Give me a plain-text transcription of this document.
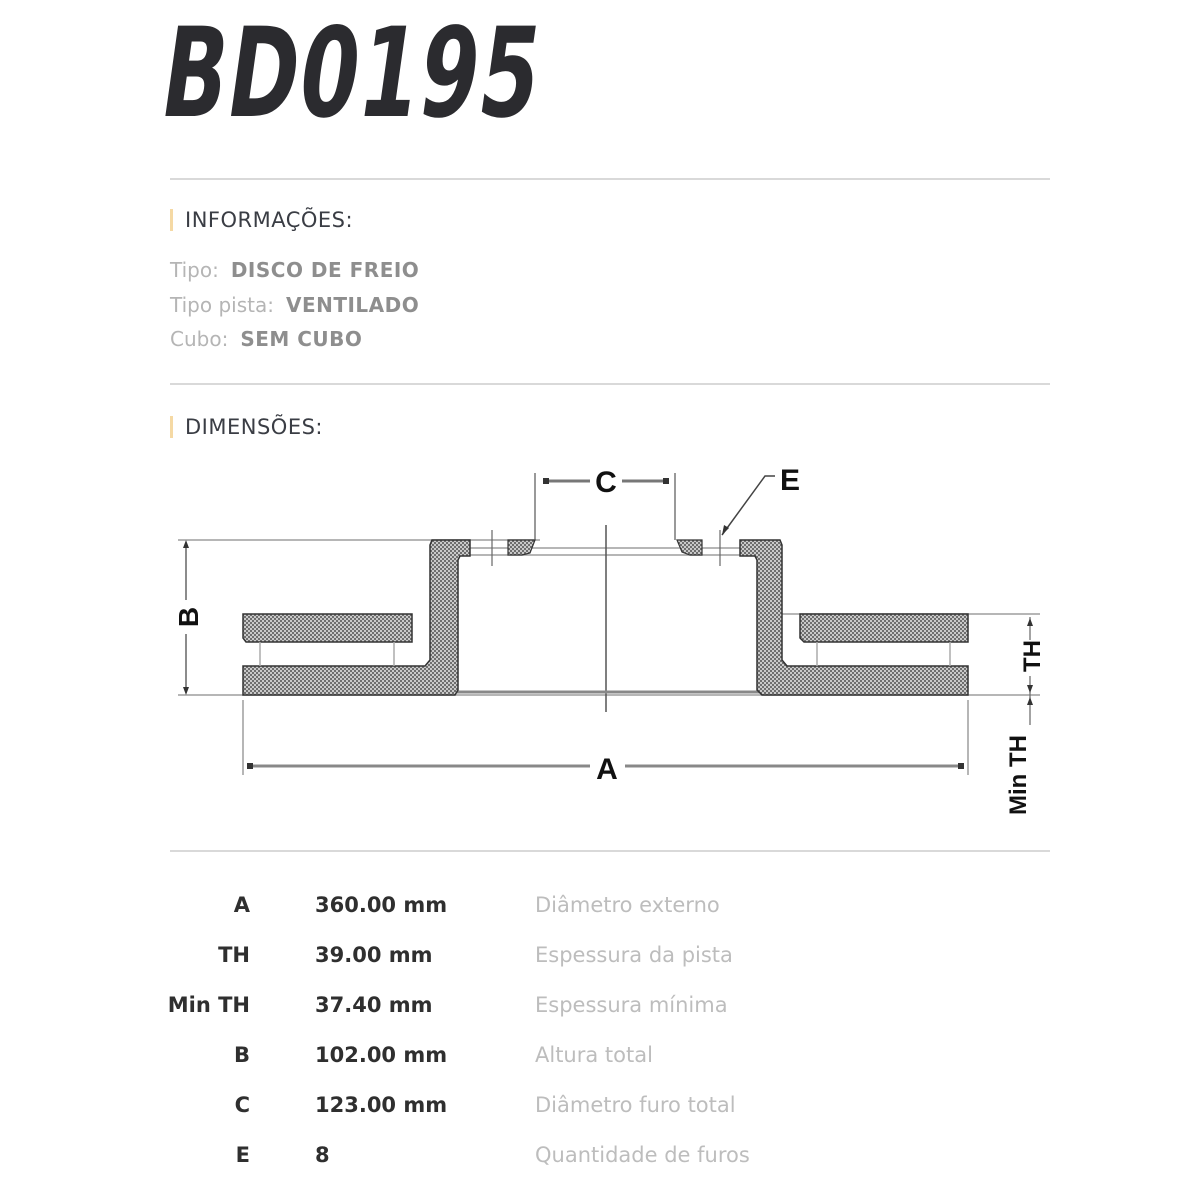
BD0195
INFORMAÇÕES:
Tipo: DISCO DE FREIO
Tipo pista: VENTILADO
Cubo: SEM CUBO
DIMENSÕES:
C	E
B
A
TH
Min TH
A	360.00 mm	Diâmetro externo
TH	39.00 mm	Espessura da pista
Min TH	37.40 mm	Espessura mínima
B	102.00 mm	Altura total
C	123.00 mm	Diâmetro furo total
E	8	Quantidade de furos
